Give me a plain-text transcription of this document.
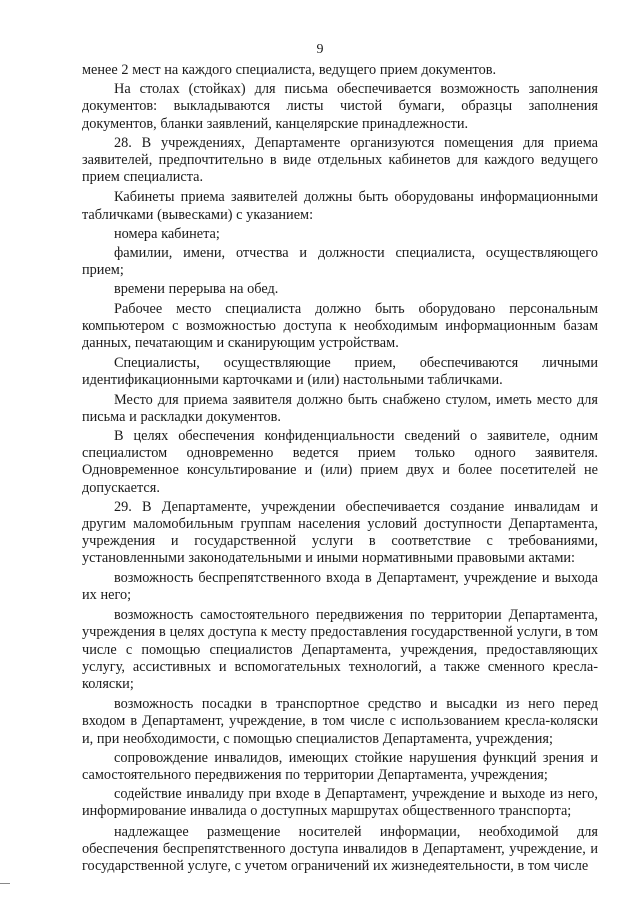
9

менее 2 мест на каждого специалиста, ведущего прием документов.

На столах (стойках) для письма обеспечивается возможность заполнения документов: выкладываются листы чистой бумаги, образцы заполнения документов, бланки заявлений, канцелярские принадлежности.

28. В учреждениях, Департаменте организуются помещения для приема заявителей, предпочтительно в виде отдельных кабинетов для каждого ведущего прием специалиста.

Кабинеты приема заявителей должны быть оборудованы информационными табличками (вывесками) с указанием:

номера кабинета;

фамилии, имени, отчества и должности специалиста, осуществляющего прием;

времени перерыва на обед.

Рабочее место специалиста должно быть оборудовано персональным компьютером с возможностью доступа к необходимым информационным базам данных, печатающим и сканирующим устройствам.

Специалисты, осуществляющие прием, обеспечиваются личными идентификационными карточками и (или) настольными табличками.

Место для приема заявителя должно быть снабжено стулом, иметь место для письма и раскладки документов.

В целях обеспечения конфиденциальности сведений о заявителе, одним специалистом одновременно ведется прием только одного заявителя. Одновременное консультирование и (или) прием двух и более посетителей не допускается.

29. В Департаменте, учреждении обеспечивается создание инвалидам и другим маломобильным группам населения условий доступности Департамента, учреждения и государственной услуги в соответствие с требованиями, установленными законодательными и иными нормативными правовыми актами:

возможность беспрепятственного входа в Департамент, учреждение и выхода их него;

возможность самостоятельного передвижения по территории Департамента, учреждения в целях доступа к месту предоставления государственной услуги, в том числе с помощью специалистов Департамента, учреждения, предоставляющих услугу, ассистивных и вспомогательных технологий, а также сменного кресла-коляски;

возможность посадки в транспортное средство и высадки из него перед входом в Департамент, учреждение, в том числе с использованием кресла-коляски и, при необходимости, с помощью специалистов Департамента, учреждения;

сопровождение инвалидов, имеющих стойкие нарушения функций зрения и самостоятельного передвижения по территории Департамента, учреждения;

содействие инвалиду при входе в Департамент, учреждение и выходе из него, информирование инвалида о доступных маршрутах общественного транспорта;

надлежащее размещение носителей информации, необходимой для обеспечения беспрепятственного доступа инвалидов в Департамент, учреждение, и государственной услуге, с учетом ограничений их жизнедеятельности, в том числе
